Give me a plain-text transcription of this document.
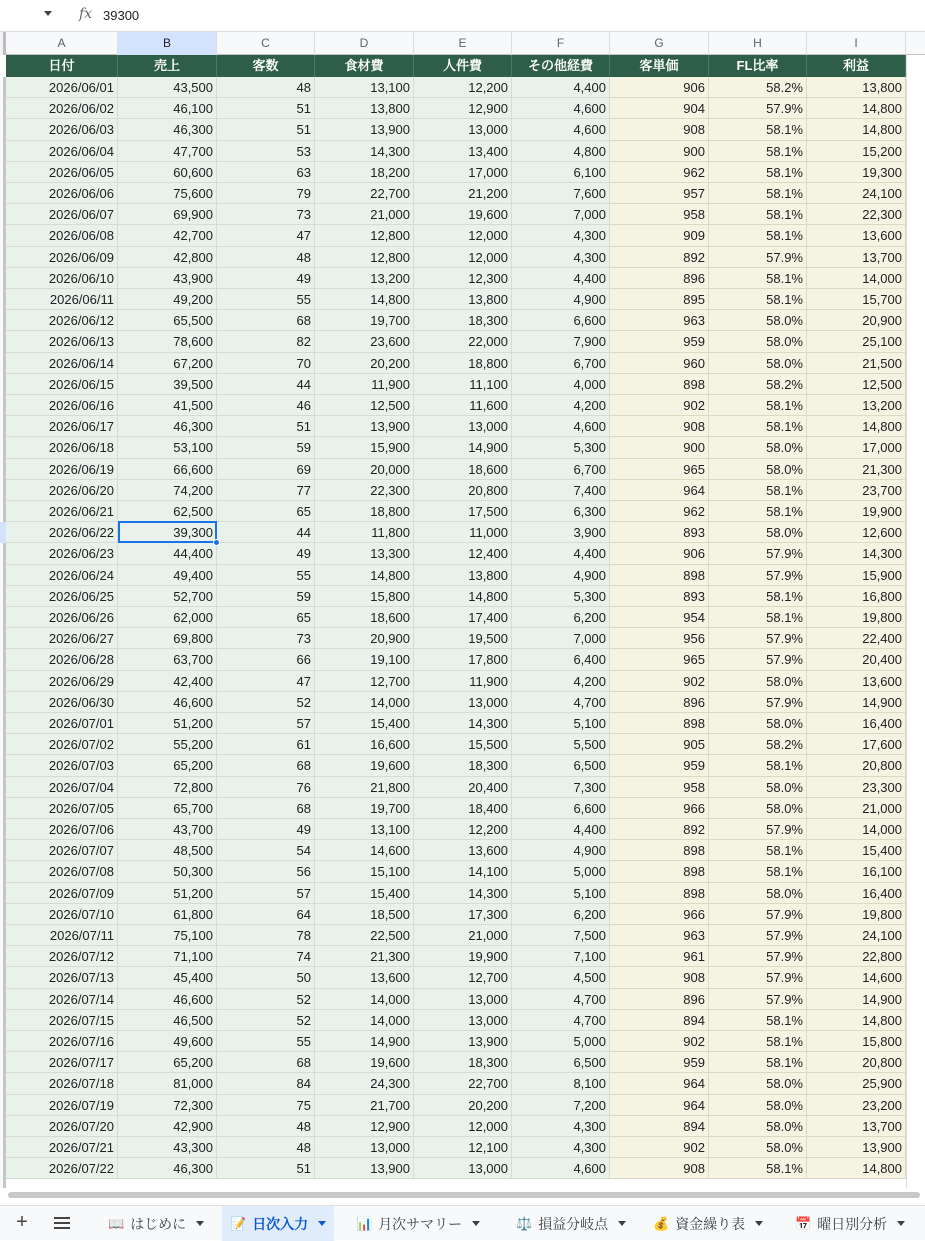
fx 39300
A	B	C	D	E	F	G	H	I
日付	売上	客数	食材費	人件費	その他経費	客単価	FL比率	利益
2026/06/01	43,500	48	13,100	12,200	4,400	906	58.2%	13,800
2026/06/02	46,100	51	13,800	12,900	4,600	904	57.9%	14,800
2026/06/03	46,300	51	13,900	13,000	4,600	908	58.1%	14,800
2026/06/04	47,700	53	14,300	13,400	4,800	900	58.1%	15,200
2026/06/05	60,600	63	18,200	17,000	6,100	962	58.1%	19,300
2026/06/06	75,600	79	22,700	21,200	7,600	957	58.1%	24,100
2026/06/07	69,900	73	21,000	19,600	7,000	958	58.1%	22,300
2026/06/08	42,700	47	12,800	12,000	4,300	909	58.1%	13,600
2026/06/09	42,800	48	12,800	12,000	4,300	892	57.9%	13,700
2026/06/10	43,900	49	13,200	12,300	4,400	896	58.1%	14,000
2026/06/11	49,200	55	14,800	13,800	4,900	895	58.1%	15,700
2026/06/12	65,500	68	19,700	18,300	6,600	963	58.0%	20,900
2026/06/13	78,600	82	23,600	22,000	7,900	959	58.0%	25,100
2026/06/14	67,200	70	20,200	18,800	6,700	960	58.0%	21,500
2026/06/15	39,500	44	11,900	11,100	4,000	898	58.2%	12,500
2026/06/16	41,500	46	12,500	11,600	4,200	902	58.1%	13,200
2026/06/17	46,300	51	13,900	13,000	4,600	908	58.1%	14,800
2026/06/18	53,100	59	15,900	14,900	5,300	900	58.0%	17,000
2026/06/19	66,600	69	20,000	18,600	6,700	965	58.0%	21,300
2026/06/20	74,200	77	22,300	20,800	7,400	964	58.1%	23,700
2026/06/21	62,500	65	18,800	17,500	6,300	962	58.1%	19,900
2026/06/22	39,300	44	11,800	11,000	3,900	893	58.0%	12,600
2026/06/23	44,400	49	13,300	12,400	4,400	906	57.9%	14,300
2026/06/24	49,400	55	14,800	13,800	4,900	898	57.9%	15,900
2026/06/25	52,700	59	15,800	14,800	5,300	893	58.1%	16,800
2026/06/26	62,000	65	18,600	17,400	6,200	954	58.1%	19,800
2026/06/27	69,800	73	20,900	19,500	7,000	956	57.9%	22,400
2026/06/28	63,700	66	19,100	17,800	6,400	965	57.9%	20,400
2026/06/29	42,400	47	12,700	11,900	4,200	902	58.0%	13,600
2026/06/30	46,600	52	14,000	13,000	4,700	896	57.9%	14,900
2026/07/01	51,200	57	15,400	14,300	5,100	898	58.0%	16,400
2026/07/02	55,200	61	16,600	15,500	5,500	905	58.2%	17,600
2026/07/03	65,200	68	19,600	18,300	6,500	959	58.1%	20,800
2026/07/04	72,800	76	21,800	20,400	7,300	958	58.0%	23,300
2026/07/05	65,700	68	19,700	18,400	6,600	966	58.0%	21,000
2026/07/06	43,700	49	13,100	12,200	4,400	892	57.9%	14,000
2026/07/07	48,500	54	14,600	13,600	4,900	898	58.1%	15,400
2026/07/08	50,300	56	15,100	14,100	5,000	898	58.1%	16,100
2026/07/09	51,200	57	15,400	14,300	5,100	898	58.0%	16,400
2026/07/10	61,800	64	18,500	17,300	6,200	966	57.9%	19,800
2026/07/11	75,100	78	22,500	21,000	7,500	963	57.9%	24,100
2026/07/12	71,100	74	21,300	19,900	7,100	961	57.9%	22,800
2026/07/13	45,400	50	13,600	12,700	4,500	908	57.9%	14,600
2026/07/14	46,600	52	14,000	13,000	4,700	896	57.9%	14,900
2026/07/15	46,500	52	14,000	13,000	4,700	894	58.1%	14,800
2026/07/16	49,600	55	14,900	13,900	5,000	902	58.1%	15,800
2026/07/17	65,200	68	19,600	18,300	6,500	959	58.1%	20,800
2026/07/18	81,000	84	24,300	22,700	8,100	964	58.0%	25,900
2026/07/19	72,300	75	21,700	20,200	7,200	964	58.0%	23,200
2026/07/20	42,900	48	12,900	12,000	4,300	894	58.0%	13,700
2026/07/21	43,300	48	13,000	12,100	4,300	902	58.0%	13,900
2026/07/22	46,300	51	13,900	13,000	4,600	908	58.1%	14,800
+	📖 はじめに	📝 日次入力	📊 月次サマリー	⚖️ 損益分岐点	💰 資金繰り表	📅 曜日別分析
